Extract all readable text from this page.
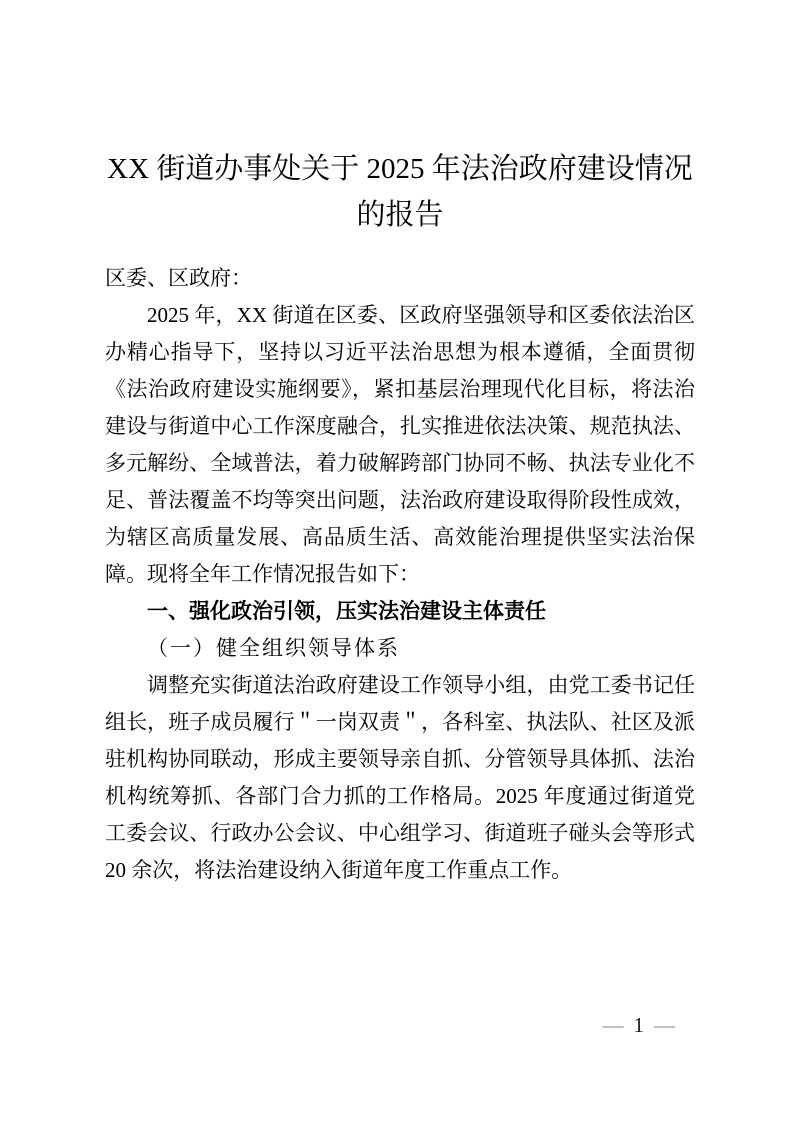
XX 街道办事处关于 2025 年法治政府建设情况的报告

区委、区政府：

2025 年，XX 街道在区委、区政府坚强领导和区委依法治区办精心指导下，坚持以习近平法治思想为根本遵循，全面贯彻《法治政府建设实施纲要》，紧扣基层治理现代化目标，将法治建设与街道中心工作深度融合，扎实推进依法决策、规范执法、多元解纷、全域普法，着力破解跨部门协同不畅、执法专业化不足、普法覆盖不均等突出问题，法治政府建设取得阶段性成效，为辖区高质量发展、高品质生活、高效能治理提供坚实法治保障。现将全年工作情况报告如下：

一、强化政治引领，压实法治建设主体责任
（一）健全组织领导体系

调整充实街道法治政府建设工作领导小组，由党工委书记任组长，班子成员履行＂一岗双责＂，各科室、执法队、社区及派驻机构协同联动，形成主要领导亲自抓、分管领导具体抓、法治机构统筹抓、各部门合力抓的工作格局。2025 年度通过街道党工委会议、行政办公会议、中心组学习、街道班子碰头会等形式 20 余次，将法治建设纳入街道年度工作重点工作。

— 1 —
